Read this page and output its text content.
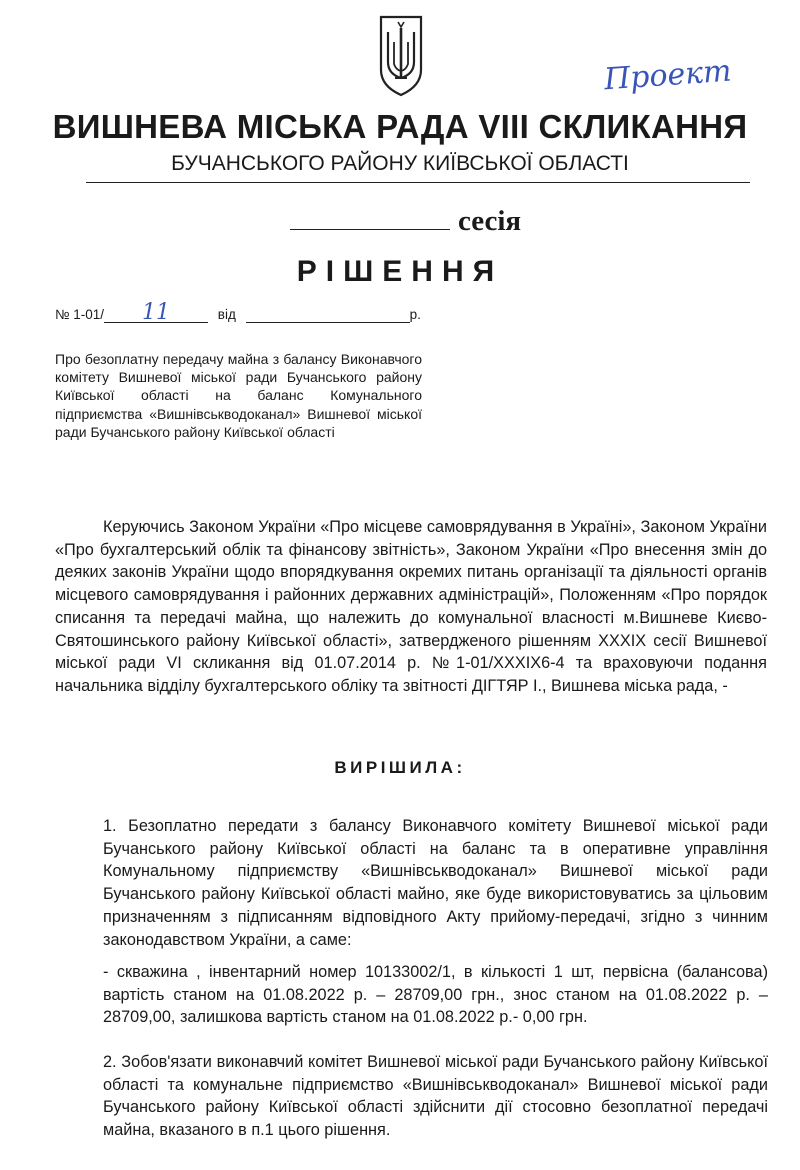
Проект
ВИШНЕВА МІСЬКА РАДА VIII СКЛИКАННЯ
БУЧАНСЬКОГО РАЙОНУ КИЇВСЬКОЇ ОБЛАСТІ
сесія
РІШЕННЯ
№ 1-01/ 11	від	р.
Про безоплатну передачу майна з балансу Виконавчого комітету Вишневої міської ради Бучанського району Київської області на баланс Комунального підприємства «Вишнівськводоканал» Вишневої міської ради Бучанського району Київської області
Керуючись Законом України «Про місцеве самоврядування в Україні», Законом України «Про бухгалтерський облік та фінансову звітність», Законом України «Про внесення змін до деяких законів України щодо впорядкування окремих питань організації та діяльності органів місцевого самоврядування і районних державних адміністрацій», Положенням «Про порядок списання та передачі майна, що належить до комунальної власності м.Вишневе Києво-Святошинського району Київської області», затвердженого рішенням XXXIX сесії Вишневої міської ради VI скликання від 01.07.2014 р. №1-01/XXXIX6-4 та враховуючи подання начальника відділу бухгалтерського обліку та звітності ДІГТЯР І., Вишнева міська рада, -
ВИРІШИЛА:
1. Безоплатно передати з балансу Виконавчого комітету Вишневої міської ради Бучанського району Київської області на баланс та в оперативне управління Комунальному підприємству «Вишнівськводоканал» Вишневої міської ради Бучанського району Київської області майно, яке буде використовуватись за цільовим призначенням з підписанням відповідного Акту прийому-передачі, згідно з чинним законодавством України, а саме:
- скважина , інвентарний номер 10133002/1, в кількості 1 шт, первісна (балансова) вартість станом на 01.08.2022 р. – 28709,00 грн., знос станом на 01.08.2022 р. – 28709,00, залишкова вартість станом на 01.08.2022 р.- 0,00 грн.
2. Зобов'язати виконавчий комітет Вишневої міської ради Бучанського району Київської області та комунальне підприємство «Вишнівськводоканал» Вишневої міської ради Бучанського району Київської області здійснити дії стосовно безоплатної передачі майна, вказаного в п.1 цього рішення.
